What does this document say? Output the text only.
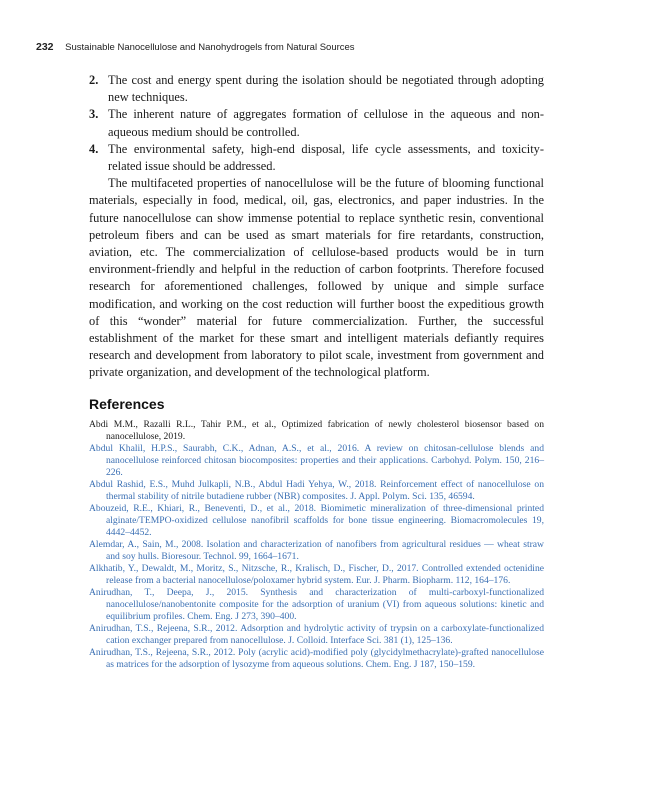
232 Sustainable Nanocellulose and Nanohydrogels from Natural Sources
2. The cost and energy spent during the isolation should be negotiated through adopting new techniques.
3. The inherent nature of aggregates formation of cellulose in the aqueous and non-aqueous medium should be controlled.
4. The environmental safety, high-end disposal, life cycle assessments, and toxicity-related issue should be addressed.

The multifaceted properties of nanocellulose will be the future of blooming functional materials, especially in food, medical, oil, gas, electronics, and paper industries. In the future nanocellulose can show immense potential to replace synthetic resin, conventional petroleum fibers and can be used as smart materials for fire retardants, construction, aviation, etc. The commercialization of cellulose-based products would be in turn environment-friendly and helpful in the reduction of carbon footprints. Therefore focused research for aforementioned challenges, followed by unique and simple surface modification, and working on the cost reduction will further boost the expeditious growth of this “wonder” material for future commercialization. Further, the successful establishment of the market for these smart and intelligent materials defiantly requires research and development from laboratory to pilot scale, investment from government and private organization, and development of the technological platform.

References

Abdi M.M., Razalli R.L., Tahir P.M., et al., Optimized fabrication of newly cholesterol biosensor based on nanocellulose, 2019.

Abdul Khalil, H.P.S., Saurabh, C.K., Adnan, A.S., et al., 2016. A review on chitosan-cellulose blends and nanocellulose reinforced chitosan biocomposites: properties and their applications. Carbohyd. Polym. 150, 216–226.

Abdul Rashid, E.S., Muhd Julkapli, N.B., Abdul Hadi Yehya, W., 2018. Reinforcement effect of nanocellulose on thermal stability of nitrile butadiene rubber (NBR) composites. J. Appl. Polym. Sci. 135, 46594.

Abouzeid, R.E., Khiari, R., Beneventi, D., et al., 2018. Biomimetic mineralization of three-dimensional printed alginate/TEMPO-oxidized cellulose nanofibril scaffolds for bone tissue engineering. Biomacromolecules 19, 4442–4452.

Alemdar, A., Sain, M., 2008. Isolation and characterization of nanofibers from agricultural residues — wheat straw and soy hulls. Bioresour. Technol. 99, 1664–1671.

Alkhatib, Y., Dewaldt, M., Moritz, S., Nitzsche, R., Kralisch, D., Fischer, D., 2017. Controlled extended octenidine release from a bacterial nanocellulose/poloxamer hybrid system. Eur. J. Pharm. Biopharm. 112, 164–176.

Anirudhan, T., Deepa, J., 2015. Synthesis and characterization of multi-carboxyl-functionalized nanocellulose/nanobentonite composite for the adsorption of uranium (VI) from aqueous solutions: kinetic and equilibrium profiles. Chem. Eng. J 273, 390–400.

Anirudhan, T.S., Rejeena, S.R., 2012. Adsorption and hydrolytic activity of trypsin on a carboxylate-functionalized cation exchanger prepared from nanocellulose. J. Colloid. Interface Sci. 381 (1), 125–136.

Anirudhan, T.S., Rejeena, S.R., 2012. Poly (acrylic acid)-modified poly (glycidylmethacrylate)-grafted nanocellulose as matrices for the adsorption of lysozyme from aqueous solutions. Chem. Eng. J 187, 150–159.
